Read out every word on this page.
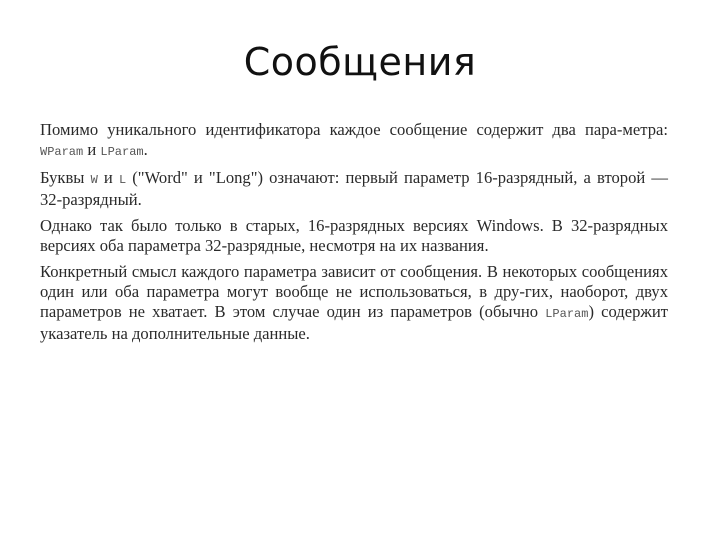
Сообщения

Помимо уникального идентификатора каждое сообщение содержит два пара-метра: WParam и LParam.

Буквы W и L ("Word" и "Long") означают: первый параметр 16-разрядный, а второй — 32-разрядный.

Однако так было только в старых, 16-разрядных версиях Windows. В 32-разрядных версиях оба параметра 32-разрядные, несмотря на их названия.

Конкретный смысл каждого параметра зависит от сообщения. В некоторых сообщениях один или оба параметра могут вообще не использоваться, в дру-гих, наоборот, двух параметров не хватает. В этом случае один из параметров (обычно LParam) содержит указатель на дополнительные данные.
